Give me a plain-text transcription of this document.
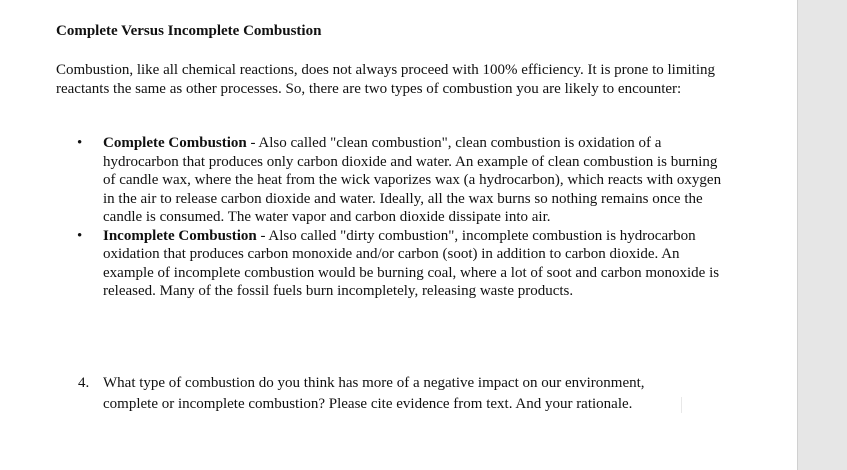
Complete Versus Incomplete Combustion
Combustion, like all chemical reactions, does not always proceed with 100% efficiency. It is prone to limiting reactants the same as other processes. So, there are two types of combustion you are likely to encounter:
• Complete Combustion - Also called "clean combustion", clean combustion is oxidation of a hydrocarbon that produces only carbon dioxide and water. An example of clean combustion is burning of candle wax, where the heat from the wick vaporizes wax (a hydrocarbon), which reacts with oxygen in the air to release carbon dioxide and water. Ideally, all the wax burns so nothing remains once the candle is consumed. The water vapor and carbon dioxide dissipate into air.
• Incomplete Combustion - Also called "dirty combustion", incomplete combustion is hydrocarbon oxidation that produces carbon monoxide and/or carbon (soot) in addition to carbon dioxide. An example of incomplete combustion would be burning coal, where a lot of soot and carbon monoxide is released. Many of the fossil fuels burn incompletely, releasing waste products.
4. What type of combustion do you think has more of a negative impact on our environment, complete or incomplete combustion? Please cite evidence from text. And your rationale.
